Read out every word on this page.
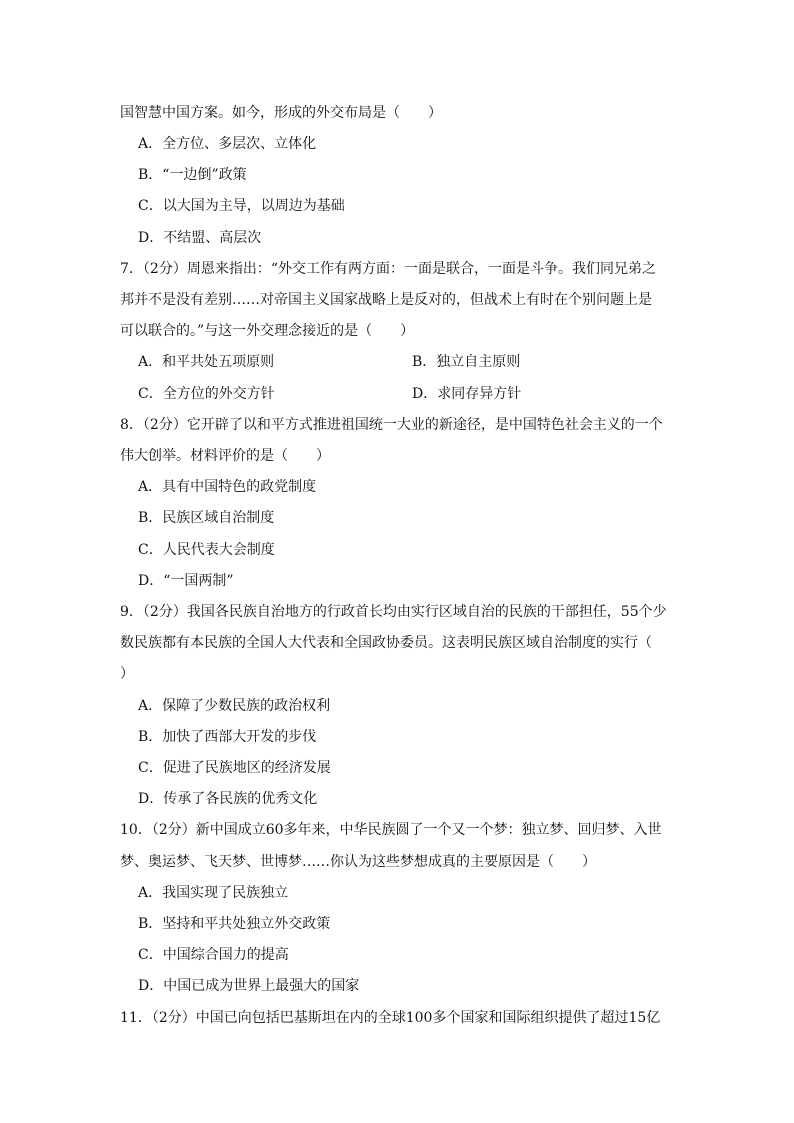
国智慧中国方案。如今，形成的外交布局是（　　）
A．全方位、多层次、立体化
B．“一边倒”政策
C．以大国为主导，以周边为基础
D．不结盟、高层次
7．（2分）周恩来指出：“外交工作有两方面：一面是联合，一面是斗争。我们同兄弟之
邦并不是没有差别……对帝国主义国家战略上是反对的，但战术上有时在个别问题上是
可以联合的。”与这一外交理念接近的是（　　）
A．和平共处五项原则	B．独立自主原则
C．全方位的外交方针	D．求同存异方针
8．（2分）它开辟了以和平方式推进祖国统一大业的新途径，是中国特色社会主义的一个
伟大创举。材料评价的是（　　）
A．具有中国特色的政党制度
B．民族区域自治制度
C．人民代表大会制度
D．“一国两制”
9．（2分）我国各民族自治地方的行政首长均由实行区域自治的民族的干部担任，55个少
数民族都有本民族的全国人大代表和全国政协委员。这表明民族区域自治制度的实行（
）
A．保障了少数民族的政治权利
B．加快了西部大开发的步伐
C．促进了民族地区的经济发展
D．传承了各民族的优秀文化
10．（2分）新中国成立60多年来，中华民族圆了一个又一个梦：独立梦、回归梦、入世
梦、奥运梦、飞天梦、世博梦……你认为这些梦想成真的主要原因是（　　）
A．我国实现了民族独立
B．坚持和平共处独立外交政策
C．中国综合国力的提高
D．中国已成为世界上最强大的国家
11．（2分）中国已向包括巴基斯坦在内的全球100多个国家和国际组织提供了超过15亿
